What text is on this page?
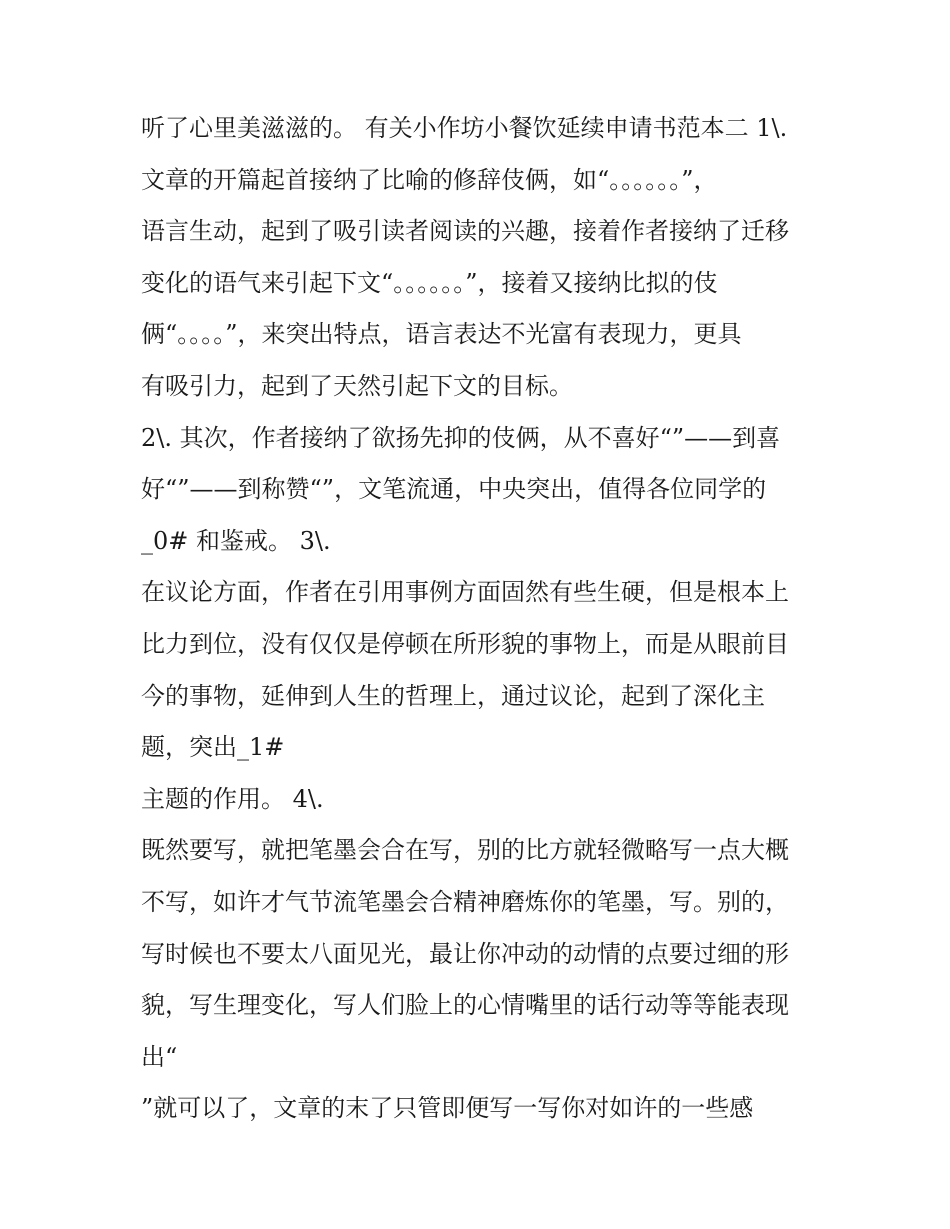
听了心里美滋滋的。 有关小作坊小餐饮延续申请书范本二 1\.
文章的开篇起首接纳了比喻的修辞伎俩，如“。。。。。。”，
语言生动，起到了吸引读者阅读的兴趣，接着作者接纳了迁移
变化的语气来引起下文“。。。。。。”，接着又接纳比拟的伎
俩“。。。。”，来突出特点，语言表达不光富有表现力，更具
有吸引力，起到了天然引起下文的目标。
2\. 其次，作者接纳了欲扬先抑的伎俩，从不喜好“”——到喜
好“”——到称赞“”，文笔流通，中央突出，值得各位同学的
_0# 和鉴戒。 3\.
在议论方面，作者在引用事例方面固然有些生硬，但是根本上
比力到位，没有仅仅是停顿在所形貌的事物上，而是从眼前目
今的事物，延伸到人生的哲理上，通过议论，起到了深化主
题，突出_1#
主题的作用。 4\.
既然要写，就把笔墨会合在写，别的比方就轻微略写一点大概
不写，如许才气节流笔墨会合精神磨炼你的笔墨，写。别的，
写时候也不要太八面见光，最让你冲动的动情的点要过细的形
貌，写生理变化，写人们脸上的心情嘴里的话行动等等能表现
出“
”就可以了，文章的末了只管即便写一写你对如许的一些感
